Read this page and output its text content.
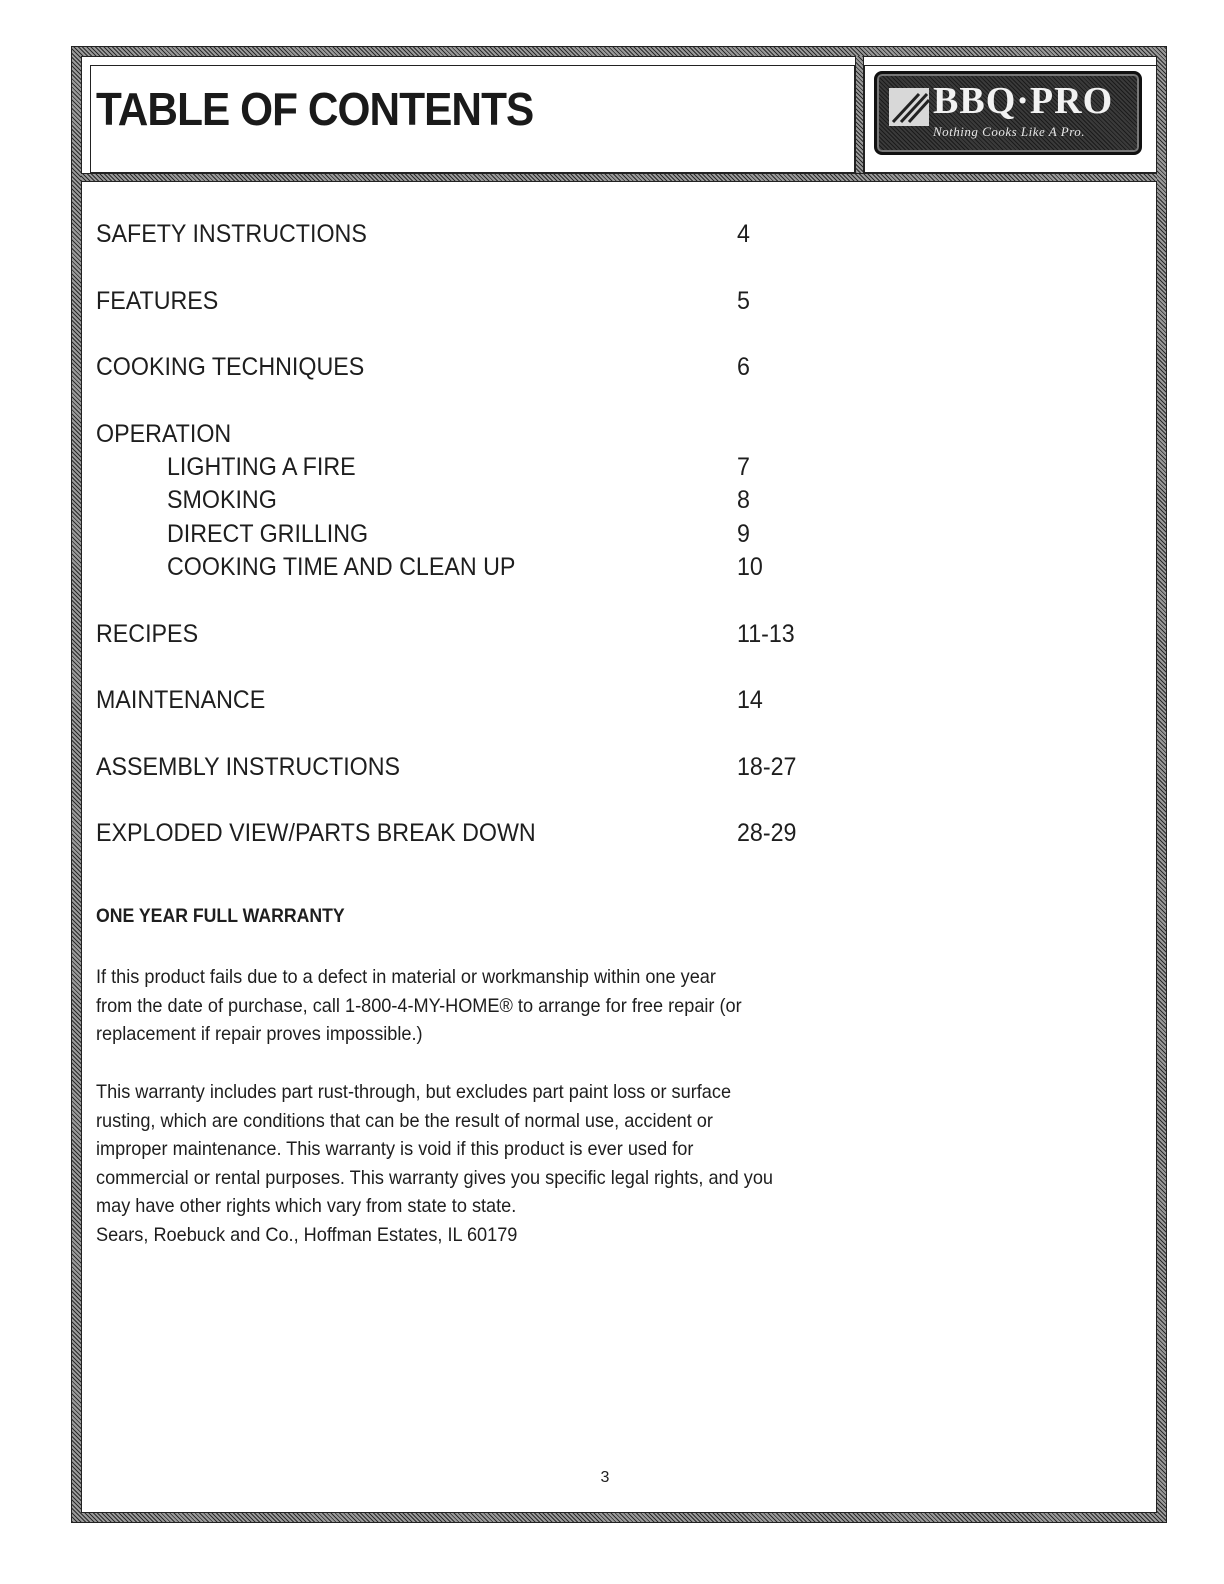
TABLE OF CONTENTS	BBQ·PRO
Nothing Cooks Like A Pro.
SAFETY INSTRUCTIONS	4
FEATURES	5
COOKING TECHNIQUES	6
OPERATION
LIGHTING A FIRE	7
SMOKING	8
DIRECT GRILLING	9
COOKING TIME AND CLEAN UP	10
RECIPES	11-13
MAINTENANCE	14
ASSEMBLY INSTRUCTIONS	18-27
EXPLODED VIEW/PARTS BREAK DOWN	28-29
ONE YEAR FULL WARRANTY

If this product fails due to a defect in material or workmanship within one year
from the date of purchase, call 1-800-4-MY-HOME® to arrange for free repair (or
replacement if repair proves impossible.)

This warranty includes part rust-through, but excludes part paint loss or surface
rusting, which are conditions that can be the result of normal use, accident or
improper maintenance. This warranty is void if this product is ever used for
commercial or rental purposes. This warranty gives you specific legal rights, and you
may have other rights which vary from state to state.
Sears, Roebuck and Co., Hoffman Estates, IL 60179

3
